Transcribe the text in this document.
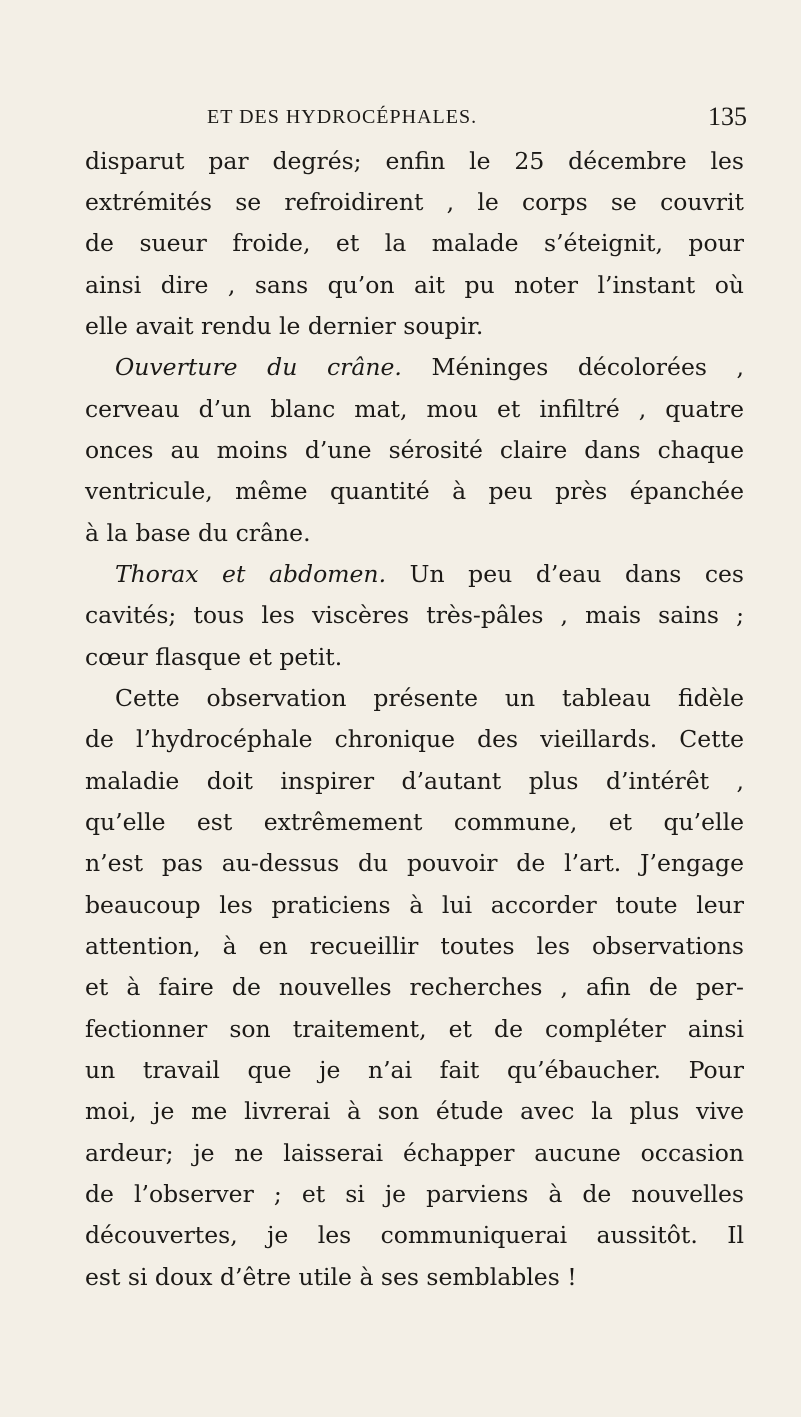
ET DES HYDROCÉPHALES.	135
disparut par degrés; enfin le 25 décembre les
extrémités se refroidirent , le corps se couvrit
de sueur froide, et la malade s’éteignit, pour
ainsi dire , sans qu’on ait pu noter l’instant où
elle avait rendu le dernier soupir.
Ouverture du crâne. Méninges décolorées ,
cerveau d’un blanc mat, mou et infiltré , quatre
onces au moins d’une sérosité claire dans chaque
ventricule, même quantité à peu près épanchée
à la base du crâne.
Thorax et abdomen. Un peu d’eau dans ces
cavités; tous les viscères très-pâles , mais sains ;
cœur flasque et petit.
Cette observation présente un tableau fidèle
de l’hydrocéphale chronique des vieillards. Cette
maladie doit inspirer d’autant plus d’intérêt ,
qu’elle est extrêmement commune, et qu’elle
n’est pas au-dessus du pouvoir de l’art. J’engage
beaucoup les praticiens à lui accorder toute leur
attention, à en recueillir toutes les observations
et à faire de nouvelles recherches , afin de per-
fectionner son traitement, et de compléter ainsi
un travail que je n’ai fait qu’ébaucher. Pour
moi, je me livrerai à son étude avec la plus vive
ardeur; je ne laisserai échapper aucune occasion
de l’observer ; et si je parviens à de nouvelles
découvertes, je les communiquerai aussitôt. Il
est si doux d’être utile à ses semblables !
